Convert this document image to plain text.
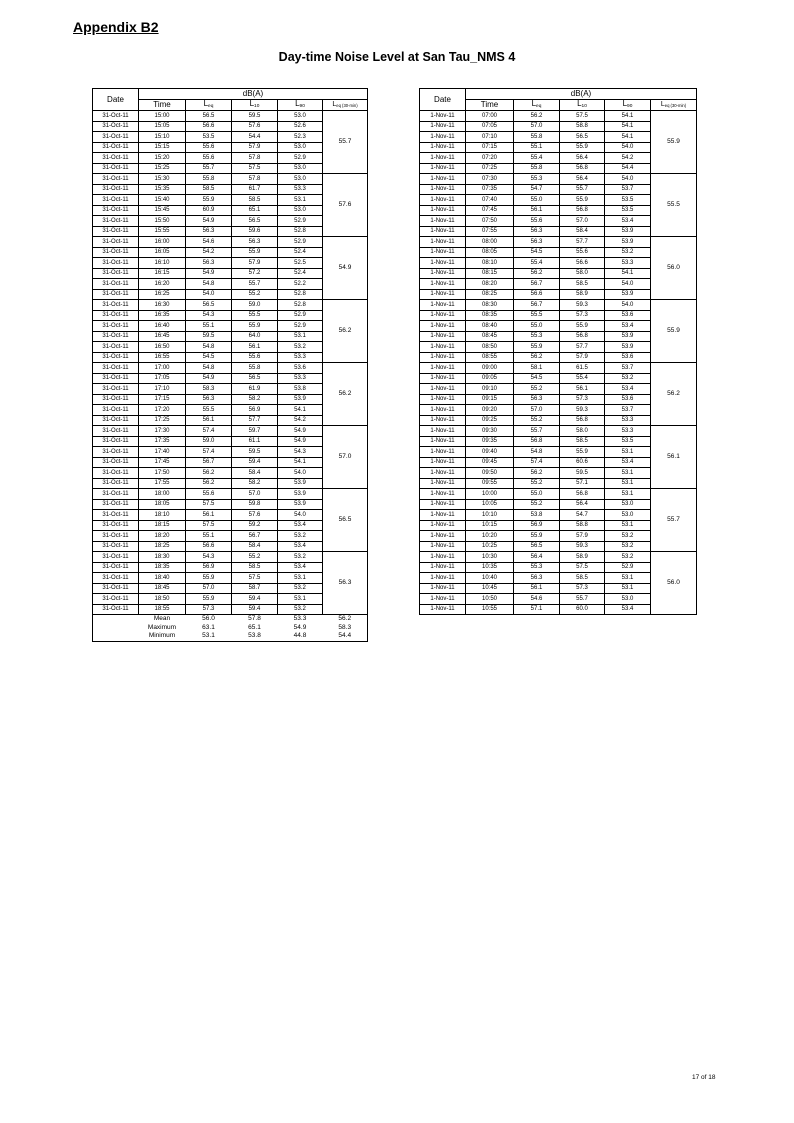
Appendix B2
Day-time Noise Level at San Tau_NMS 4
Date	dB(A)				
	Time	$L_{eq}$	$L_{10}$	$L_{90}$	$L_{eq (30-min)}$
31-Oct-11	15:00	56.5	59.5	53.0	55.7
31-Oct-11	15:05	56.6	57.6	52.6	
31-Oct-11	15:10	53.5	54.4	52.3	
31-Oct-11	15:15	55.6	57.9	53.0	
31-Oct-11	15:20	55.6	57.8	52.9	
31-Oct-11	15:25	55.7	57.5	53.0	
31-Oct-11	15:30	55.8	57.8	53.0	57.6
31-Oct-11	15:35	58.5	61.7	53.3	
31-Oct-11	15:40	55.9	58.5	53.1	
31-Oct-11	15:45	60.9	65.1	53.0	
31-Oct-11	15:50	54.9	56.5	52.9	
31-Oct-11	15:55	56.3	59.6	52.8	
31-Oct-11	16:00	54.6	56.3	52.9	54.9
31-Oct-11	16:05	54.2	55.9	52.4	
31-Oct-11	16:10	56.3	57.9	52.5	
31-Oct-11	16:15	54.9	57.2	52.4	
31-Oct-11	16:20	54.8	55.7	52.2	
31-Oct-11	16:25	54.0	55.2	52.8	
31-Oct-11	16:30	56.5	59.0	52.8	56.2
31-Oct-11	16:35	54.3	55.5	52.9	
31-Oct-11	16:40	55.1	55.9	52.9	
31-Oct-11	16:45	59.5	64.0	53.1	
31-Oct-11	16:50	54.8	56.1	53.2	
31-Oct-11	16:55	54.5	55.6	53.3	
31-Oct-11	17:00	54.8	55.8	53.6	56.2
31-Oct-11	17:05	54.9	56.5	53.3	
31-Oct-11	17:10	58.3	61.9	53.8	
31-Oct-11	17:15	56.3	58.2	53.9	
31-Oct-11	17:20	55.5	56.9	54.1	
31-Oct-11	17:25	56.1	57.7	54.2	
31-Oct-11	17:30	57.4	59.7	54.9	57.0
31-Oct-11	17:35	59.0	61.1	54.9	
31-Oct-11	17:40	57.4	59.5	54.3	
31-Oct-11	17:45	56.7	59.4	54.1	
31-Oct-11	17:50	56.2	58.4	54.0	
31-Oct-11	17:55	56.2	58.2	53.9	
31-Oct-11	18:00	55.6	57.0	53.9	56.5
31-Oct-11	18:05	57.5	59.8	53.9	
31-Oct-11	18:10	56.1	57.6	54.0	
31-Oct-11	18:15	57.5	59.2	53.4	
31-Oct-11	18:20	55.1	56.7	53.2	
31-Oct-11	18:25	56.6	58.4	53.4	
31-Oct-11	18:30	54.3	55.2	53.2	56.3
31-Oct-11	18:35	56.9	58.5	53.4	
31-Oct-11	18:40	55.9	57.5	53.1	
31-Oct-11	18:45	57.0	58.7	53.2	
31-Oct-11	18:50	55.9	59.4	53.1	
31-Oct-11	18:55	57.3	59.4	53.2	
	Mean	56.0	57.8	53.3	56.2
	Maximum	63.1	65.1	54.9	58.3
	Minimum	53.1	53.8	44.8	54.4
Date	dB(A)				
	Time	$L_{eq}$	$L_{10}$	$L_{90}$	$L_{eq (30-min)}$
1-Nov-11	07:00	56.2	57.5	54.1	55.9
1-Nov-11	07:05	57.0	58.8	54.1	
1-Nov-11	07:10	55.8	56.5	54.1	
1-Nov-11	07:15	55.1	55.9	54.0	
1-Nov-11	07:20	55.4	56.4	54.2	
1-Nov-11	07:25	55.8	56.8	54.4	
1-Nov-11	07:30	55.3	56.4	54.0	55.5
1-Nov-11	07:35	54.7	55.7	53.7	
1-Nov-11	07:40	55.0	55.9	53.5	
1-Nov-11	07:45	56.1	56.8	53.5	
1-Nov-11	07:50	55.6	57.0	53.4	
1-Nov-11	07:55	56.3	58.4	53.9	
1-Nov-11	08:00	56.3	57.7	53.9	56.0
1-Nov-11	08:05	54.5	55.6	53.2	
1-Nov-11	08:10	55.4	56.6	53.3	
1-Nov-11	08:15	56.2	58.0	54.1	
1-Nov-11	08:20	56.7	58.5	54.0	
1-Nov-11	08:25	56.6	58.9	53.9	
1-Nov-11	08:30	56.7	59.3	54.0	55.9
1-Nov-11	08:35	55.5	57.3	53.6	
1-Nov-11	08:40	55.0	55.9	53.4	
1-Nov-11	08:45	55.3	56.8	53.9	
1-Nov-11	08:50	55.9	57.7	53.9	
1-Nov-11	08:55	56.2	57.9	53.6	
1-Nov-11	09:00	58.1	61.5	53.7	56.2
1-Nov-11	09:05	54.5	55.4	53.2	
1-Nov-11	09:10	55.2	56.1	53.4	
1-Nov-11	09:15	56.3	57.3	53.6	
1-Nov-11	09:20	57.0	59.3	53.7	
1-Nov-11	09:25	55.2	56.8	53.3	
1-Nov-11	09:30	55.7	58.0	53.3	56.1
1-Nov-11	09:35	56.8	58.5	53.5	
1-Nov-11	09:40	54.8	55.9	53.1	
1-Nov-11	09:45	57.4	60.6	53.4	
1-Nov-11	09:50	56.2	59.5	53.1	
1-Nov-11	09:55	55.2	57.1	53.1	
1-Nov-11	10:00	55.0	56.8	53.1	55.7
1-Nov-11	10:05	55.2	56.4	53.0	
1-Nov-11	10:10	53.8	54.7	53.0	
1-Nov-11	10:15	56.9	58.8	53.1	
1-Nov-11	10:20	55.9	57.9	53.2	
1-Nov-11	10:25	56.5	59.3	53.2	
1-Nov-11	10:30	56.4	58.9	53.2	56.0
1-Nov-11	10:35	55.3	57.5	52.9	
1-Nov-11	10:40	56.3	58.5	53.1	
1-Nov-11	10:45	56.1	57.3	53.1	
1-Nov-11	10:50	54.6	55.7	53.0	
1-Nov-11	10:55	57.1	60.0	53.4	
17 of 18
